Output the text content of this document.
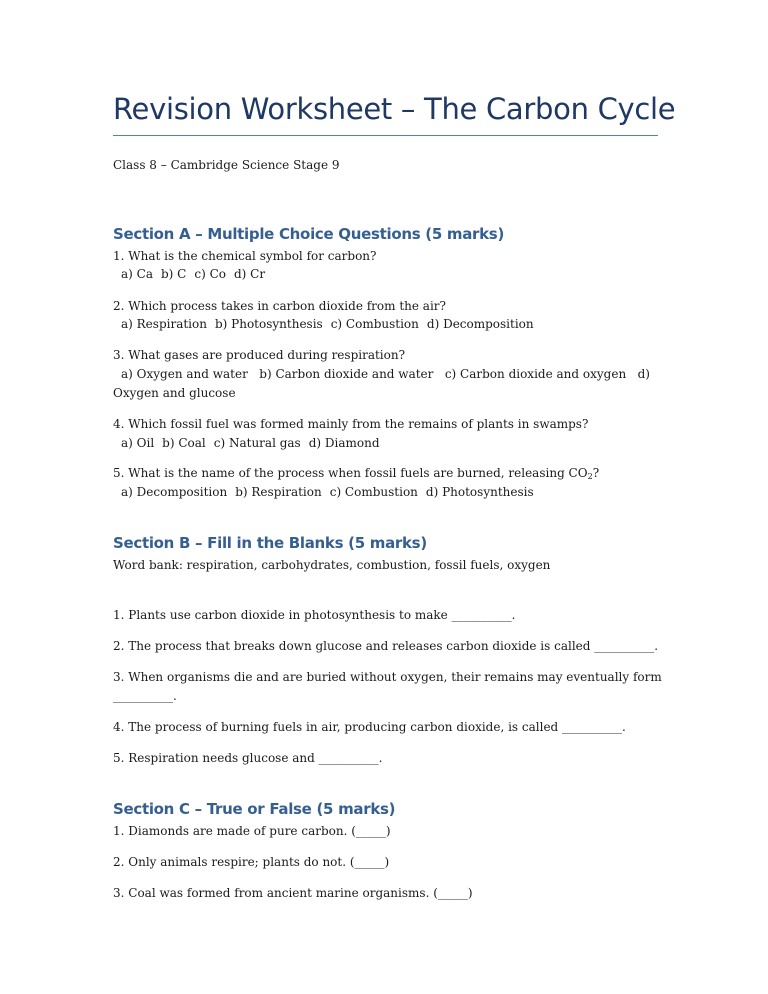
Revision Worksheet – The Carbon Cycle
Class 8 – Cambridge Science Stage 9
Section A – Multiple Choice Questions (5 marks)
1. What is the chemical symbol for carbon?
a) Ca b) C c) Co d) Cr
2. Which process takes in carbon dioxide from the air?
a) Respiration b) Photosynthesis c) Combustion d) Decomposition
3. What gases are produced during respiration?
a) Oxygen and water   b) Carbon dioxide and water   c) Carbon dioxide and oxygen   d)
Oxygen and glucose
4. Which fossil fuel was formed mainly from the remains of plants in swamps?
a) Oil b) Coal c) Natural gas d) Diamond
5. What is the name of the process when fossil fuels are burned, releasing $CO_2$?
a) Decomposition b) Respiration c) Combustion d) Photosynthesis
Section B – Fill in the Blanks (5 marks)
Word bank: respiration, carbohydrates, combustion, fossil fuels, oxygen
1. Plants use carbon dioxide in photosynthesis to make __________.
2. The process that breaks down glucose and releases carbon dioxide is called __________.
3. When organisms die and are buried without oxygen, their remains may eventually form
__________.
4. The process of burning fuels in air, producing carbon dioxide, is called __________.
5. Respiration needs glucose and __________.
Section C – True or False (5 marks)
1. Diamonds are made of pure carbon. (_____)
2. Only animals respire; plants do not. (_____)
3. Coal was formed from ancient marine organisms. (_____)
